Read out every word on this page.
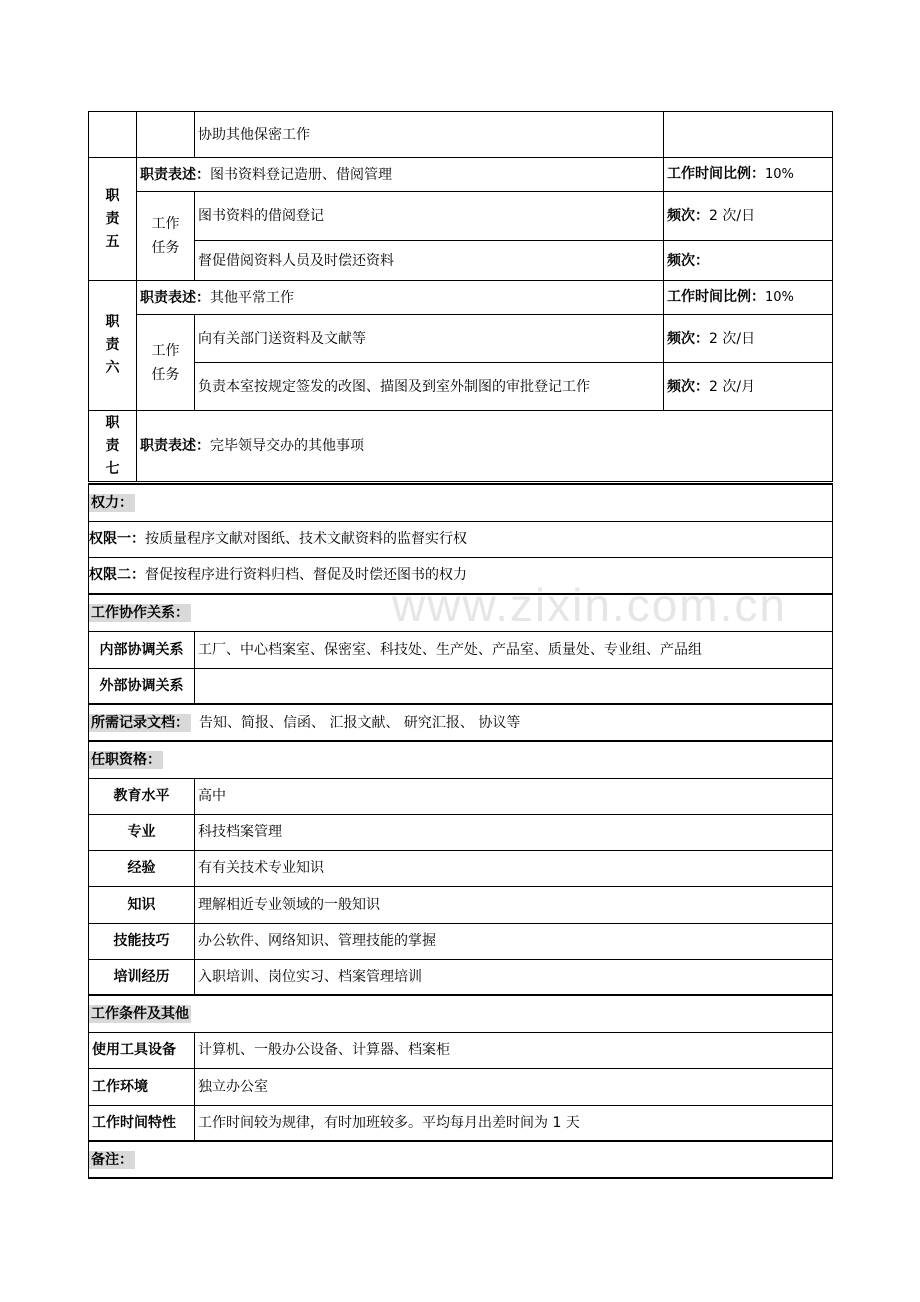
		协助其他保密工作	

职责五	职责表述：图书资料登记造册、借阅管理		工作时间比例：10%

	工作任务	图书资料的借阅登记	频次：2 次/日
		督促借阅资料人员及时偿还资料	频次：

职责六	职责表述：其他平常工作		工作时间比例：10%

	工作任务	向有关部门送资料及文献等	频次：2 次/日
		负责本室按规定签发的改图、描图及到室外制图的审批登记工作	频次：2 次/月

职责七	职责表述：完毕领导交办的其他事项		
权力：	
权限一：按质量程序文献对图纸、技术文献资料的监督实行权	
权限二：督促按程序进行资料归档、督促及时偿还图书的权力	
工作协作关系：	
内部协调关系	工厂、中心档案室、保密室、科技处、生产处、产品室、质量处、专业组、产品组
外部协调关系	
所需记录文档： 告知、简报、信函、 汇报文献、 研究汇报、 协议等	
任职资格：	
教育水平	高中
专业	科技档案管理
经验	有有关技术专业知识
知识	理解相近专业领域的一般知识
技能技巧	办公软件、网络知识、管理技能的掌握
培训经历	入职培训、岗位实习、档案管理培训
工作条件及其他	
使用工具设备	计算机、一般办公设备、计算器、档案柜
工作环境	独立办公室
工作时间特性	工作时间较为规律，有时加班较多。平均每月出差时间为 1 天
备注：	
www.zixin.com.cn
